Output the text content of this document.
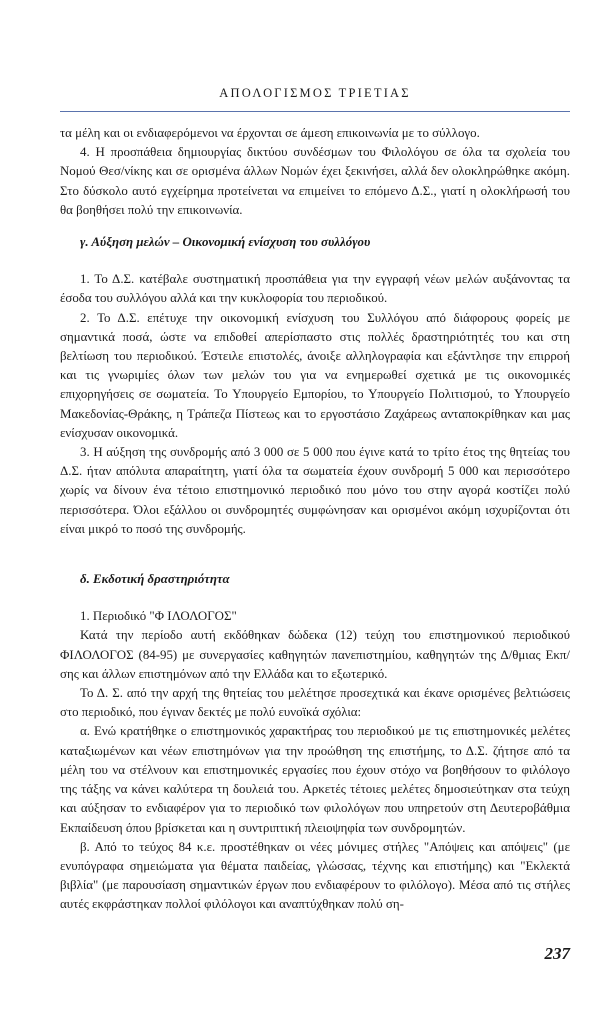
ΑΠΟΛΟΓΙΣΜΟΣ ΤΡΙΕΤΙΑΣ

τα μέλη και οι ενδιαφερόμενοι να έρχονται σε άμεση επικοινωνία με το σύλλογο.

4. Η προσπάθεια δημιουργίας δικτύου συνδέσμων του Φιλολόγου σε όλα τα σχολεία του Νομού Θεσ/νίκης και σε ορισμένα άλλων Νομών έχει ξεκινήσει, αλλά δεν ολοκληρώθηκε ακόμη. Στο δύσκολο αυτό εγχείρημα προτείνεται να επιμείνει το επόμενο Δ.Σ., γιατί η ολοκλήρωσή του θα βοηθήσει πολύ την επικοινωνία.

γ. Αύξηση μελών – Οικονομική ενίσχυση του συλλόγου

1. Το Δ.Σ. κατέβαλε συστηματική προσπάθεια για την εγγραφή νέων μελών αυξάνοντας τα έσοδα του συλλόγου αλλά και την κυκλοφορία του περιοδικού.

2. Το Δ.Σ. επέτυχε την οικονομική ενίσχυση του Συλλόγου από διάφορους φορείς με σημαντικά ποσά, ώστε να επιδοθεί απερίσπαστο στις πολλές δραστηριότητές του και στη βελτίωση του περιοδικού. Έστειλε επιστολές, άνοιξε αλληλογραφία και εξάντλησε την επιρροή και τις γνωριμίες όλων των μελών του για να ενημερωθεί σχετικά με τις οικονομικές επιχορηγήσεις σε σωματεία. Το Υπουργείο Εμπορίου, το Υπουργείο Πολιτισμού, το Υπουργείο Μακεδονίας-Θράκης, η Τράπεζα Πίστεως και το εργοστάσιο Ζαχάρεως ανταποκρίθηκαν και μας ενίσχυσαν οικονομικά.

3. Η αύξηση της συνδρομής από 3 000 σε 5 000 που έγινε κατά το τρίτο έτος της θητείας του Δ.Σ. ήταν απόλυτα απαραίτητη, γιατί όλα τα σωματεία έχουν συνδρομή 5 000 και περισσότερο χωρίς να δίνουν ένα τέτοιο επιστημονικό περιοδικό που μόνο του στην αγορά κοστίζει πολύ περισσότερα. Όλοι εξάλλου οι συνδρομητές συμφώνησαν και ορισμένοι ακόμη ισχυρίζονται ότι είναι μικρό το ποσό της συνδρομής.

δ. Εκδοτική δραστηριότητα

1. Περιοδικό "Φ ΙΛΟΛΟΓΟΣ"

Κατά την περίοδο αυτή εκδόθηκαν δώδεκα (12) τεύχη του επιστημονικού περιοδικού ΦΙΛΟΛΟΓΟΣ (84-95) με συνεργασίες καθηγητών πανεπιστημίου, καθηγητών της Δ/θμιας Εκπ/σης και άλλων επιστημόνων από την Ελλάδα και το εξωτερικό.

Το Δ. Σ. από την αρχή της θητείας του μελέτησε προσεχτικά και έκανε ορισμένες βελτιώσεις στο περιοδικό, που έγιναν δεκτές με πολύ ευνοϊκά σχόλια:

α. Ενώ κρατήθηκε ο επιστημονικός χαρακτήρας του περιοδικού με τις επιστημονικές μελέτες καταξιωμένων και νέων επιστημόνων για την προώθηση της επιστήμης, το Δ.Σ. ζήτησε από τα μέλη του να στέλνουν και επιστημονικές εργασίες που έχουν στόχο να βοηθήσουν το φιλόλογο της τάξης να κάνει καλύτερα τη δουλειά του. Αρκετές τέτοιες μελέτες δημοσιεύτηκαν στα τεύχη και αύξησαν το ενδιαφέρον για το περιοδικό των φιλολόγων που υπηρετούν στη Δευτεροβάθμια Εκπαίδευση όπου βρίσκεται και η συντριπτική πλειοψηφία των συνδρομητών.

β. Από το τεύχος 84 κ.ε. προστέθηκαν οι νέες μόνιμες στήλες "Απόψεις και απόψεις" (με ενυπόγραφα σημειώματα για θέματα παιδείας, γλώσσας, τέχνης και επιστήμης) και "Εκλεκτά βιβλία" (με παρουσίαση σημαντικών έργων που ενδιαφέρουν το φιλόλογο). Μέσα από τις στήλες αυτές εκφράστηκαν πολλοί φιλόλογοι και αναπτύχθηκαν πολύ ση-

237
